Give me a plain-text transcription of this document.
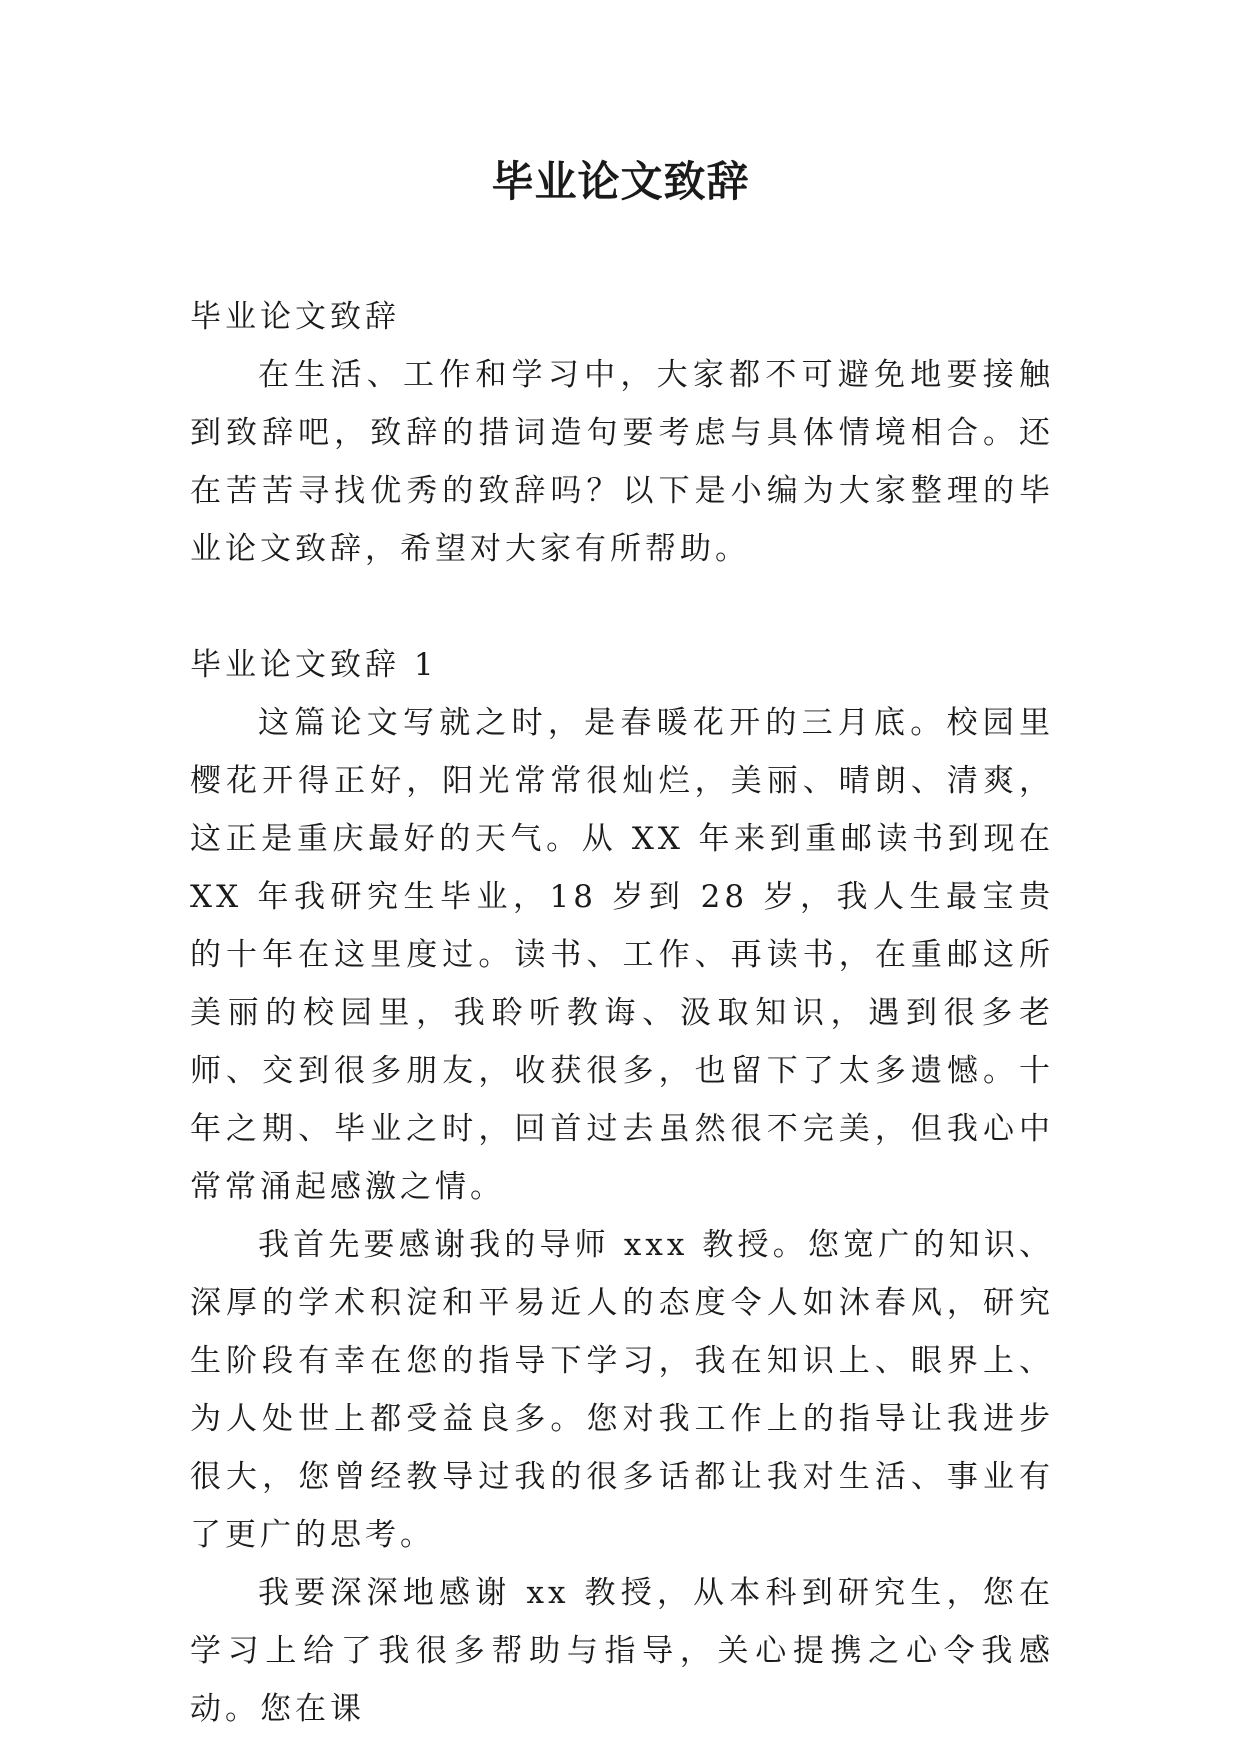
毕业论文致辞

毕业论文致辞

在生活、工作和学习中，大家都不可避免地要接触到致辞吧，致辞的措词造句要考虑与具体情境相合。还在苦苦寻找优秀的致辞吗？以下是小编为大家整理的毕业论文致辞，希望对大家有所帮助。

毕业论文致辞 1

这篇论文写就之时，是春暖花开的三月底。校园里樱花开得正好，阳光常常很灿烂，美丽、晴朗、清爽，这正是重庆最好的天气。从 XX 年来到重邮读书到现在 XX 年我研究生毕业，18 岁到 28 岁，我人生最宝贵的十年在这里度过。读书、工作、再读书，在重邮这所美丽的校园里，我聆听教诲、汲取知识，遇到很多老师、交到很多朋友，收获很多，也留下了太多遗憾。十年之期、毕业之时，回首过去虽然很不完美，但我心中常常涌起感激之情。

我首先要感谢我的导师 xxx 教授。您宽广的知识、深厚的学术积淀和平易近人的态度令人如沐春风，研究生阶段有幸在您的指导下学习，我在知识上、眼界上、为人处世上都受益良多。您对我工作上的指导让我进步很大，您曾经教导过我的很多话都让我对生活、事业有了更广的思考。

我要深深地感谢 xx 教授，从本科到研究生，您在学习上给了我很多帮助与指导，关心提携之心令我感动。您在课
